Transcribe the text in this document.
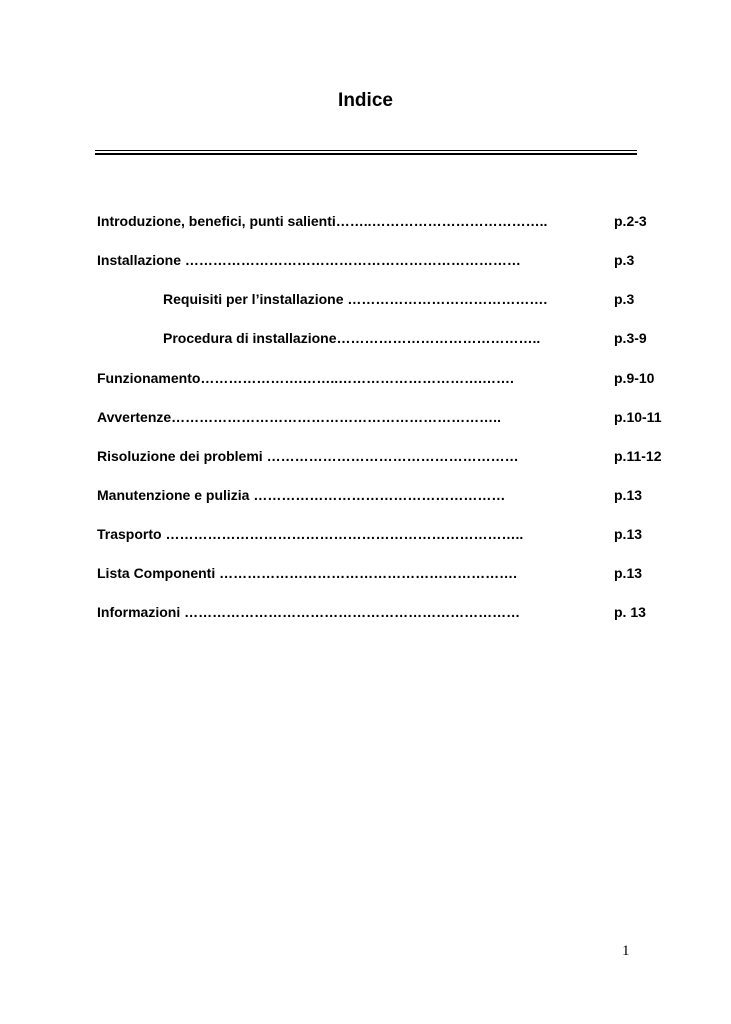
Indice
Introduzione, benefici, punti salienti……..………………………………..	p.2-3
Installazione ………………………………………………………………	p.3
Requisiti per l’installazione …………………………………….	p.3
Procedura di installazione……………………………………..	p.3-9
Funzionamento………………….……..………………………….…….	p.9-10
Avvertenze……………………………………………………………..	p.10-11
Risoluzione dei problemi ………………………………………………	p.11-12
Manutenzione e pulizia ………………………………………………	p.13
Trasporto …………………………………………………………………..	p.13
Lista Componenti ……………………………………………………….	p.13
Informazioni ………………………………………………………………	p. 13
1
